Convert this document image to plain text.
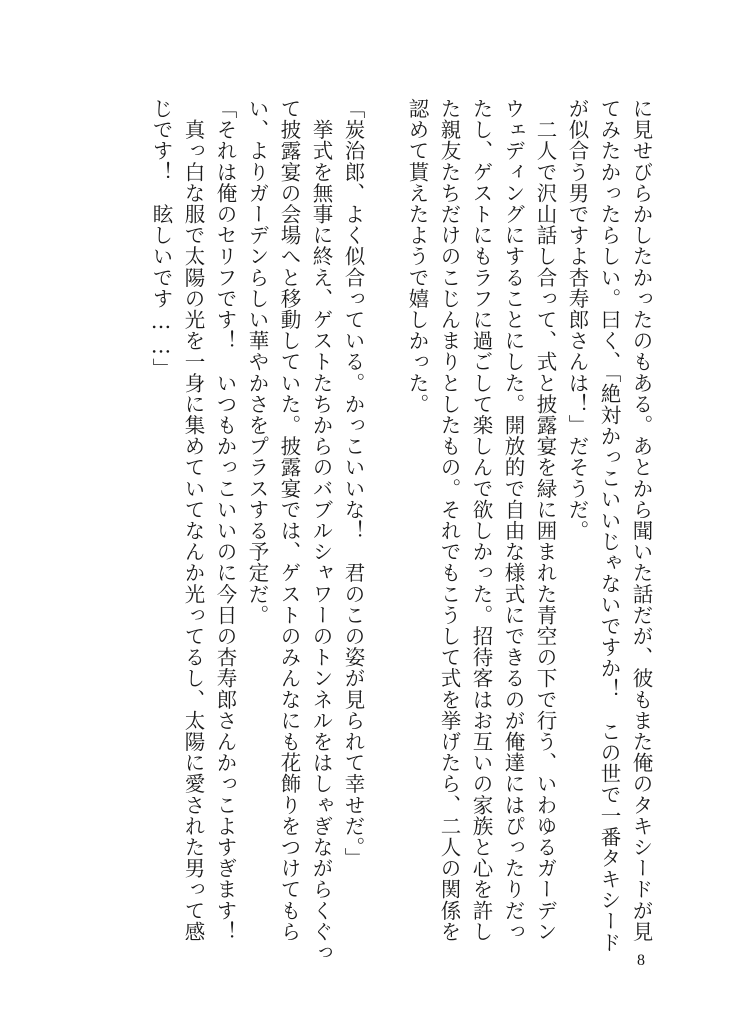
に見せびらかしたかったのもある。あとから聞いた話だが、彼もまた俺のタキシードが見
てみたかったらしい。曰く、「絶対かっこいいじゃないですか！　この世で一番タキシード
が似合う男ですよ杏寿郎さんは！」だそうだ。
　二人で沢山話し合って、式と披露宴を緑に囲まれた青空の下で行う、いわゆるガーデン
ウェディングにすることにした。開放的で自由な様式にできるのが俺達にはぴったりだっ
たし、ゲストにもラフに過ごして楽しんで欲しかった。招待客はお互いの家族と心を許し
た親友たちだけのこじんまりとしたもの。それでもこうして式を挙げたら、二人の関係を
認めて貰えたようで嬉しかった。
「炭治郎、よく似合っている。かっこいいな！　君のこの姿が見られて幸せだ。」
　挙式を無事に終え、ゲストたちからのバブルシャワーのトンネルをはしゃぎながらくぐっ
て披露宴の会場へと移動していた。披露宴では、ゲストのみんなにも花飾りをつけてもら
い、よりガーデンらしい華やかさをプラスする予定だ。
「それは俺のセリフです！　いつもかっこいいのに今日の杏寿郎さんかっこよすぎます！
　真っ白な服で太陽の光を一身に集めていてなんか光ってるし、太陽に愛された男って感
じです！　眩しいです……」
8
